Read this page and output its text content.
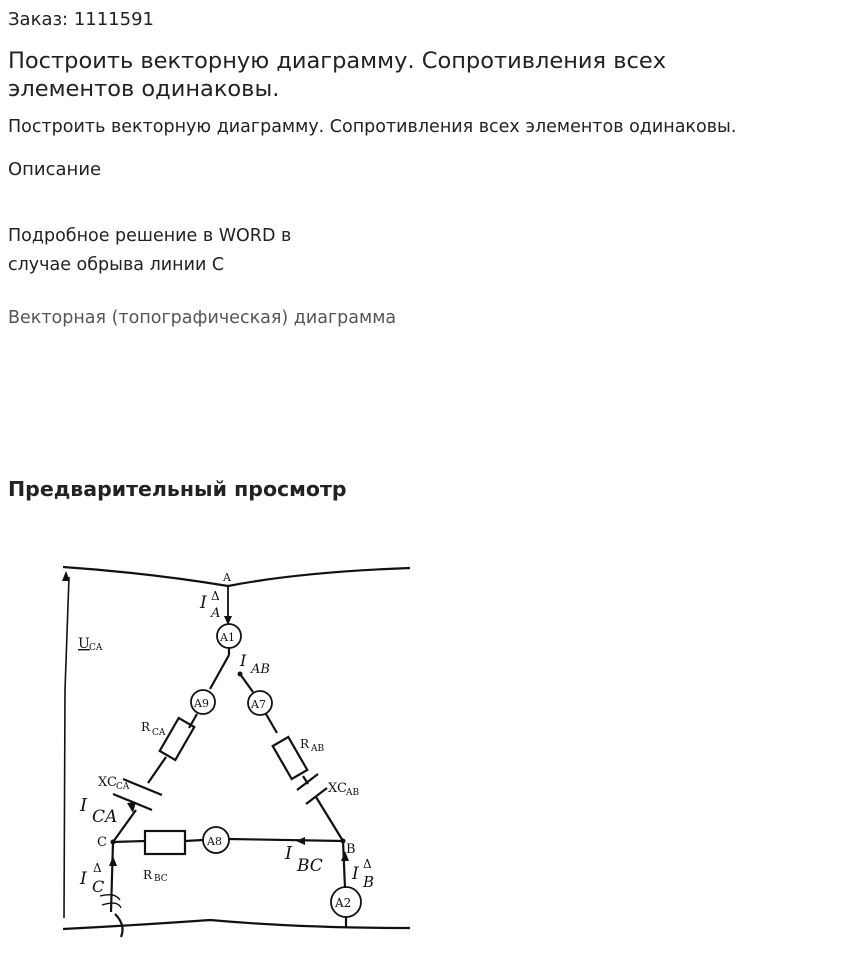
Заказ: 1111591
Построить векторную диаграмму. Сопротивления всех элементов одинаковы.
Построить векторную диаграмму. Сопротивления всех элементов одинаковы.
Описание
Подробное решение в WORD в
случае обрыва линии С
Векторная (топографическая) диаграмма
Предварительный просмотр
U CA
A
I Δ
A
A1
I AB
A9
R CA
XC CA
I
CA
A7
R AB
XC AB
C
R BC
A8
I
BC
B
I Δ
B
A2
I
Δ
C
